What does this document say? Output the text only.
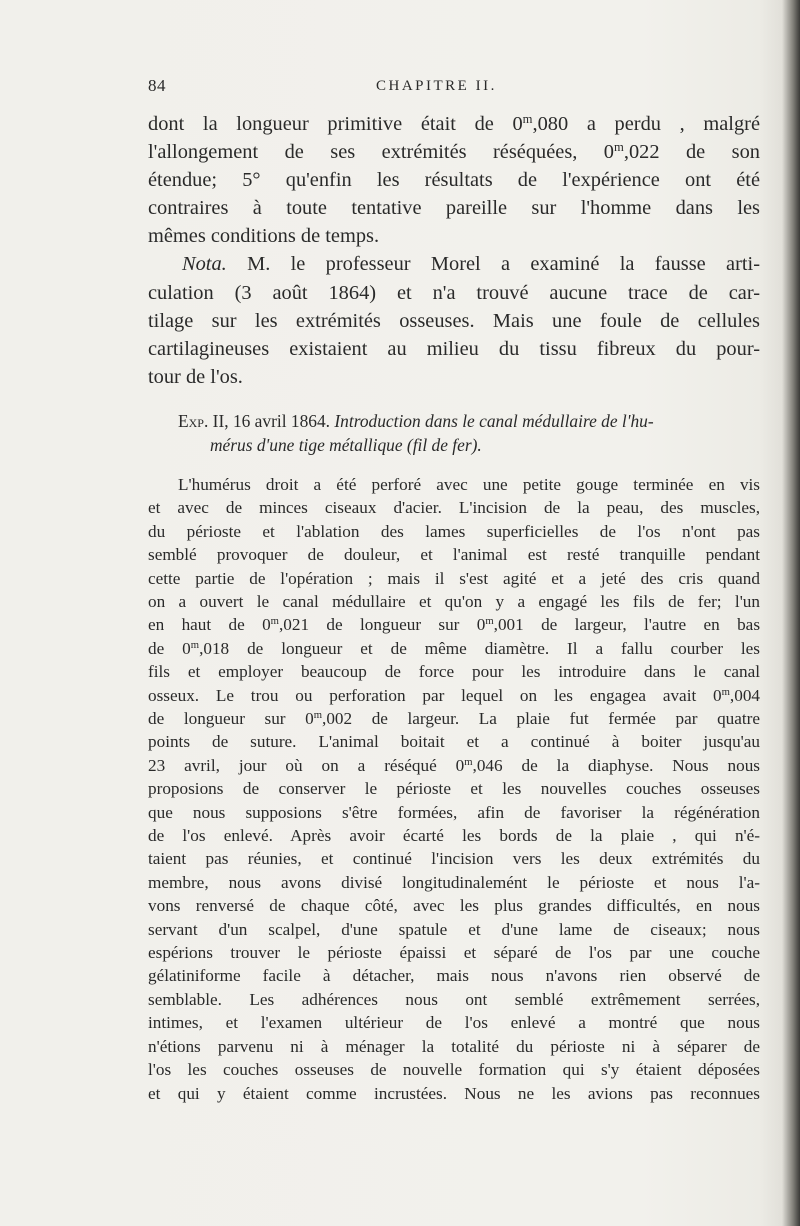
84	CHAPITRE II.
dont la longueur primitive était de 0$^m$,080 a perdu , malgré
l'allongement de ses extrémités réséquées, 0$^m$,022 de son
étendue; 5° qu'enfin les résultats de l'expérience ont été
contraires à toute tentative pareille sur l'homme dans les
mêmes conditions de temps.
Nota. M. le professeur Morel a examiné la fausse arti-
culation (3 août 1864) et n'a trouvé aucune trace de car-
tilage sur les extrémités osseuses. Mais une foule de cellules
cartilagineuses existaient au milieu du tissu fibreux du pour-
tour de l'os.
Exp. II, 16 avril 1864. Introduction dans le canal médullaire de l'hu-
mérus d'une tige métallique (fil de fer).
L'humérus droit a été perforé avec une petite gouge terminée en vis
et avec de minces ciseaux d'acier. L'incision de la peau, des muscles,
du périoste et l'ablation des lames superficielles de l'os n'ont pas
semblé provoquer de douleur, et l'animal est resté tranquille pendant
cette partie de l'opération ; mais il s'est agité et a jeté des cris quand
on a ouvert le canal médullaire et qu'on y a engagé les fils de fer; l'un
en haut de 0$^m$,021 de longueur sur 0$^m$,001 de largeur, l'autre en bas
de 0$^m$,018 de longueur et de même diamètre. Il a fallu courber les
fils et employer beaucoup de force pour les introduire dans le canal
osseux. Le trou ou perforation par lequel on les engagea avait 0$^m$,004
de longueur sur 0$^m$,002 de largeur. La plaie fut fermée par quatre
points de suture. L'animal boitait et a continué à boiter jusqu'au
23 avril, jour où on a réséqué 0$^m$,046 de la diaphyse. Nous nous
proposions de conserver le périoste et les nouvelles couches osseuses
que nous supposions s'être formées, afin de favoriser la régénération
de l'os enlevé. Après avoir écarté les bords de la plaie , qui n'é-
taient pas réunies, et continué l'incision vers les deux extrémités du
membre, nous avons divisé longitudinalemént le périoste et nous l'a-
vons renversé de chaque côté, avec les plus grandes difficultés, en nous
servant d'un scalpel, d'une spatule et d'une lame de ciseaux; nous
espérions trouver le périoste épaissi et séparé de l'os par une couche
gélatiniforme facile à détacher, mais nous n'avons rien observé de
semblable. Les adhérences nous ont semblé extrêmement serrées,
intimes, et l'examen ultérieur de l'os enlevé a montré que nous
n'étions parvenu ni à ménager la totalité du périoste ni à séparer de
l'os les couches osseuses de nouvelle formation qui s'y étaient déposées
et qui y étaient comme incrustées. Nous ne les avions pas reconnues
